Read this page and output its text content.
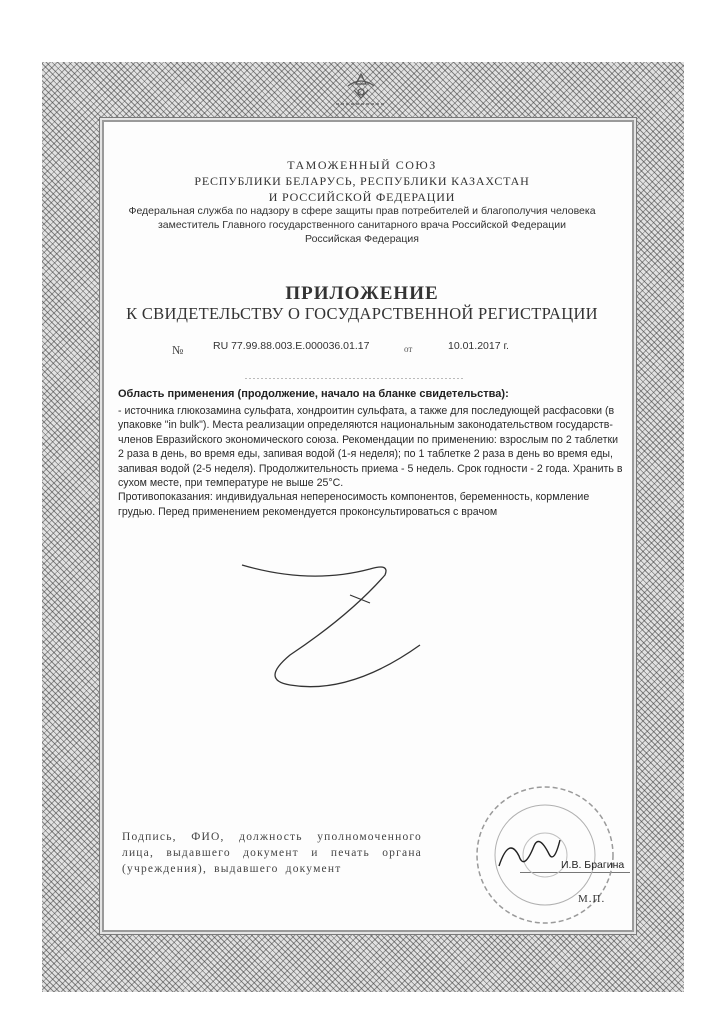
ТАМОЖЕННЫЙ СОЮЗ
РЕСПУБЛИКИ БЕЛАРУСЬ, РЕСПУБЛИКИ КАЗАХСТАН
И РОССИЙСКОЙ ФЕДЕРАЦИИ
Федеральная служба по надзору в сфере защиты прав потребителей и благополучия человека
заместитель Главного государственного санитарного врача Российской Федерации
Российская Федерация
ПРИЛОЖЕНИЕ
К СВИДЕТЕЛЬСТВУ О ГОСУДАРСТВЕННОЙ РЕГИСТРАЦИИ
№	RU 77.99.88.003.Е.000036.01.17	от	10.01.2017 г.
Область применения (продолжение, начало на бланке свидетельства):

- источника глюкозамина сульфата, хондроитин сульфата, а также для последующей расфасовки (в упаковке "in bulk"). Места реализации определяются национальным законодательством государств-членов Евразийского экономического союза. Рекомендации по применению: взрослым по 2 таблетки 2 раза в день, во время еды, запивая водой (1-я неделя); по 1 таблетке 2 раза в день во время еды, запивая водой (2-5 неделя). Продолжительность приема - 5 недель. Срок годности - 2 года. Хранить в сухом месте, при температуре не выше 25°С.

Противопоказания: индивидуальная непереносимость компонентов, беременность, кормление грудью. Перед применением рекомендуется проконсультироваться с врачом

Подпись, ФИО, должность уполномоченного лица, выдавшего документ и печать органа (учреждения), выдавшего документ	И.В. Брагина
М.П.
